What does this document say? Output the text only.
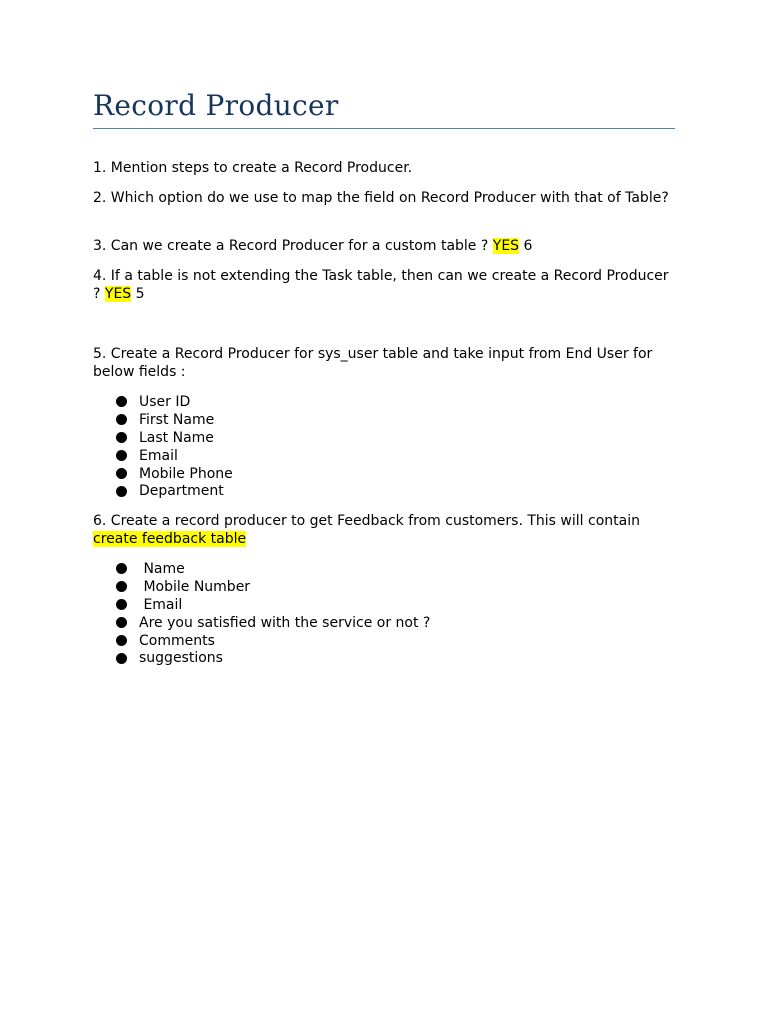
Record Producer

1. Mention steps to create a Record Producer.

2. Which option do we use to map the field on Record Producer with that of Table?

3. Can we create a Record Producer for a custom table ? YES 6

4. If a table is not extending the Task table, then can we create a Record Producer ? YES 5

5. Create a Record Producer for sys_user table and take input from End User for below fields :

User ID
First Name
Last Name
Email
Mobile Phone
Department

6. Create a record producer to get Feedback from customers. This will contain create feedback table

Name
Mobile Number
Email
Are you satisfied with the service or not ?
Comments
suggestions
